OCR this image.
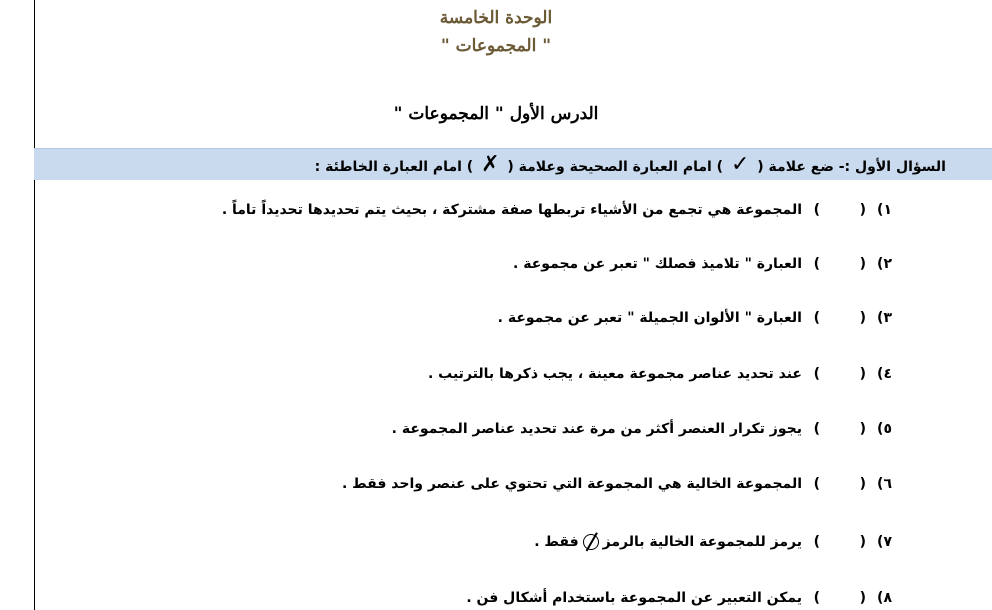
الوحدة الخامسة
" المجموعات "
الدرس الأول " المجموعات "
السؤال الأول :- ضع علامة ( ✓ ) امام العبارة الصحيحة وعلامة ( ✗ ) امام العبارة الخاطئة :
١)()المجموعة هي تجمع من الأشياء تربطها صفة مشتركة ، بحيث يتم تحديدها تحديداً تاماً .
٢)()العبارة " تلاميذ فصلك " تعبر عن مجموعة .
٣)()العبارة " الألوان الجميلة " تعبر عن مجموعة .
٤)()عند تحديد عناصر مجموعة معينة ، يجب ذكرها بالترتيب .
٥)()يجوز تكرار العنصر أكثر من مرة عند تحديد عناصر المجموعة .
٦)()المجموعة الخالية هي المجموعة التي تحتوي على عنصر واحد فقط .
٧)()يرمز للمجموعة الخالية بالرمزفقط .
٨)()يمكن التعبير عن المجموعة باستخدام أشكال فن .
